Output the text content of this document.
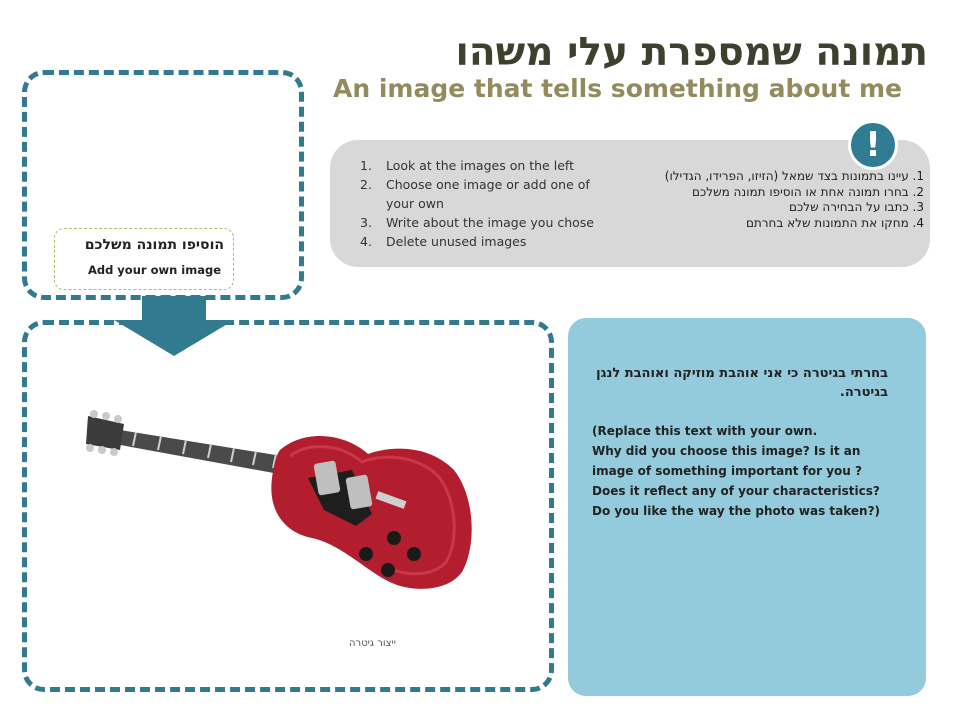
תמונה שמספרת עלי משהו
An image that tells something about me
הוסיפו תמונה משלכם
Add your own image
ייצור גיטרה
!
1. Look at the images on the left
2. Choose one image or add one of your own
3. Write about the image you chose
4. Delete unused images
1. עיינו בתמונות בצד שמאל (הזיזו, הפרידו, הגדילו)
2. בחרו תמונה אחת או הוסיפו תמונה משלכם
3. כתבו על הבחירה שלכם
4. מחקו את התמונות שלא בחרתם
בחרתי בגיטרה כי אני אוהבת מוזיקה ואוהבת לנגן בגיטרה.
(Replace this text with your own.
Why did you choose this image? Is it an
image of something important for you ?
Does it reflect any of your characteristics?
Do you like the way the photo was taken?)
